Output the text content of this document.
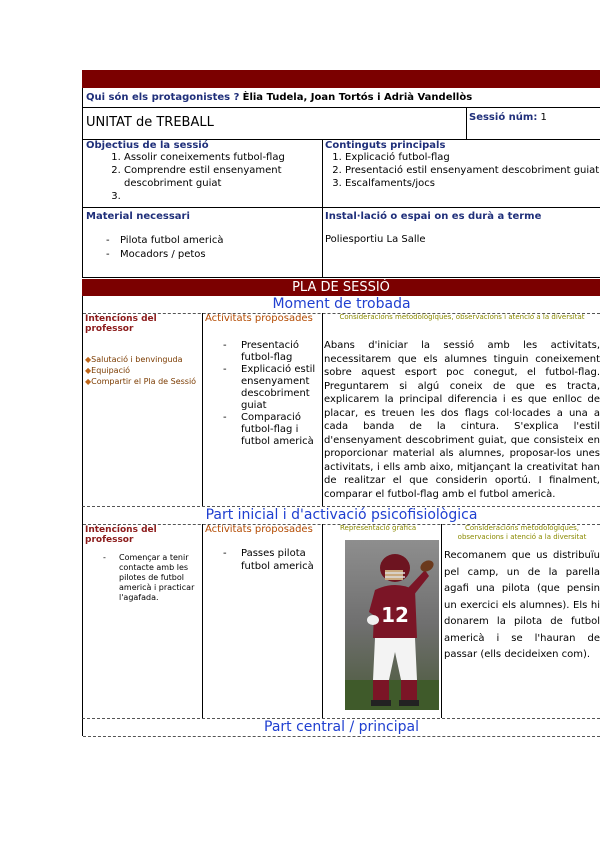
Qui són els protagonistes ? Èlia Tudela, Joan Tortós i Adrià Vandellòs
UNITAT de TREBALL	Sessió núm: 1
Objectius de la sessió
1. Assolir coneixements futbol-flag
2. Comprendre estil ensenyament descobriment guiat
3.
Continguts principals
1. Explicació futbol-flag
2. Presentació estil ensenyament descobriment guiat
3. Escalfaments/jocs
Material necessari
- Pilota futbol americà
- Mocadors / petos
Instal·lació o espai on es durà a terme
Poliesportiu La Salle
PLA DE SESSIÓ
Moment de trobada
Intencions del professor
◆Salutació i benvinguda
◆Equipació
◆Compartir el Pla de Sessió
Activitats proposades
- Presentació futbol-flag
- Explicació estil ensenyament descobriment guiat
- Comparació futbol-flag i futbol americà
Consideracions metodològiques, observacions i atenció a la diversitat
Abans d'iniciar la sessió amb les activitats, necessitarem que els alumnes tinguin coneixement sobre aquest esport poc conegut, el futbol-flag. Preguntarem si algú coneix de que es tracta, explicarem la principal diferencia i es que enlloc de placar, es treuen les dos flags col·locades a una a cada banda de la cintura. S'explica l'estil d'ensenyament descobriment guiat, que consisteix en proporcionar material als alumnes, proposar-los unes activitats, i ells amb aixo, mitjançant la creativitat han de realitzar el que considerin oportú. I finalment, comparar el futbol-flag amb el futbol americà.
Part inicial i d'activació psicofisiològica
Intencions del professor
- Començar a tenir contacte amb les pilotes de futbol americà i practicar l'agafada.
Activitats proposades
- Passes pilota futbol americà
Representació gràfica
12
Consideracions metodològiques, observacions i atenció a la diversitat
Recomanem que us distribuïu pel camp, un de la parella agafi una pilota (que pensin un exercici els alumnes). Els hi donarem la pilota de futbol americà i se l'hauran de passar (ells decideixen com).
Part central / principal
